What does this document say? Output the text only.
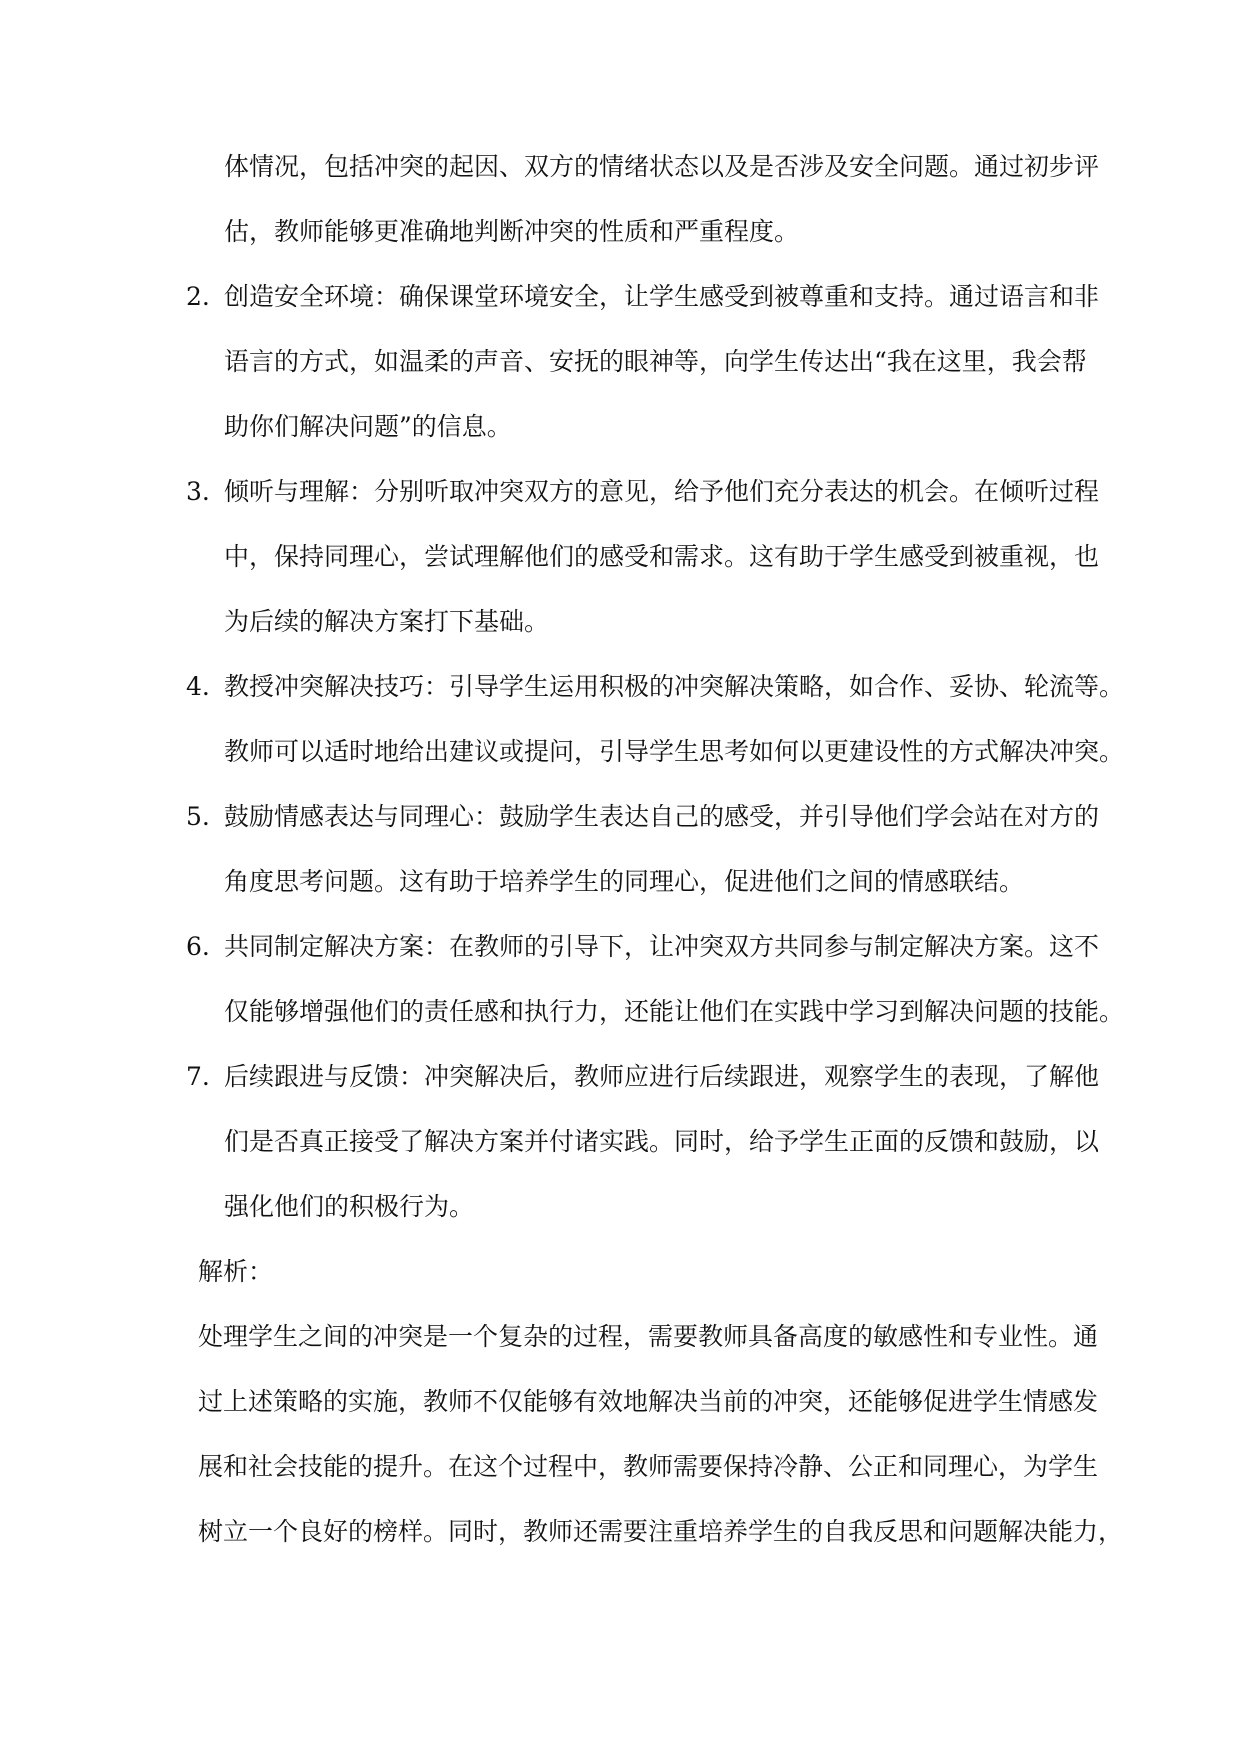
体情况，包括冲突的起因、双方的情绪状态以及是否涉及安全问题。通过初步评
估，教师能够更准确地判断冲突的性质和严重程度。
2. 创造安全环境：确保课堂环境安全，让学生感受到被尊重和支持。通过语言和非
语言的方式，如温柔的声音、安抚的眼神等，向学生传达出“我在这里，我会帮
助你们解决问题”的信息。
3. 倾听与理解：分别听取冲突双方的意见，给予他们充分表达的机会。在倾听过程
中，保持同理心，尝试理解他们的感受和需求。这有助于学生感受到被重视，也
为后续的解决方案打下基础。
4. 教授冲突解决技巧：引导学生运用积极的冲突解决策略，如合作、妥协、轮流等。
教师可以适时地给出建议或提问，引导学生思考如何以更建设性的方式解决冲突。
5. 鼓励情感表达与同理心：鼓励学生表达自己的感受，并引导他们学会站在对方的
角度思考问题。这有助于培养学生的同理心，促进他们之间的情感联结。
6. 共同制定解决方案：在教师的引导下，让冲突双方共同参与制定解决方案。这不
仅能够增强他们的责任感和执行力，还能让他们在实践中学习到解决问题的技能。
7. 后续跟进与反馈：冲突解决后，教师应进行后续跟进，观察学生的表现，了解他
们是否真正接受了解决方案并付诸实践。同时，给予学生正面的反馈和鼓励，以
强化他们的积极行为。
解析：
处理学生之间的冲突是一个复杂的过程，需要教师具备高度的敏感性和专业性。通
过上述策略的实施，教师不仅能够有效地解决当前的冲突，还能够促进学生情感发
展和社会技能的提升。在这个过程中，教师需要保持冷静、公正和同理心，为学生
树立一个良好的榜样。同时，教师还需要注重培养学生的自我反思和问题解决能力，
